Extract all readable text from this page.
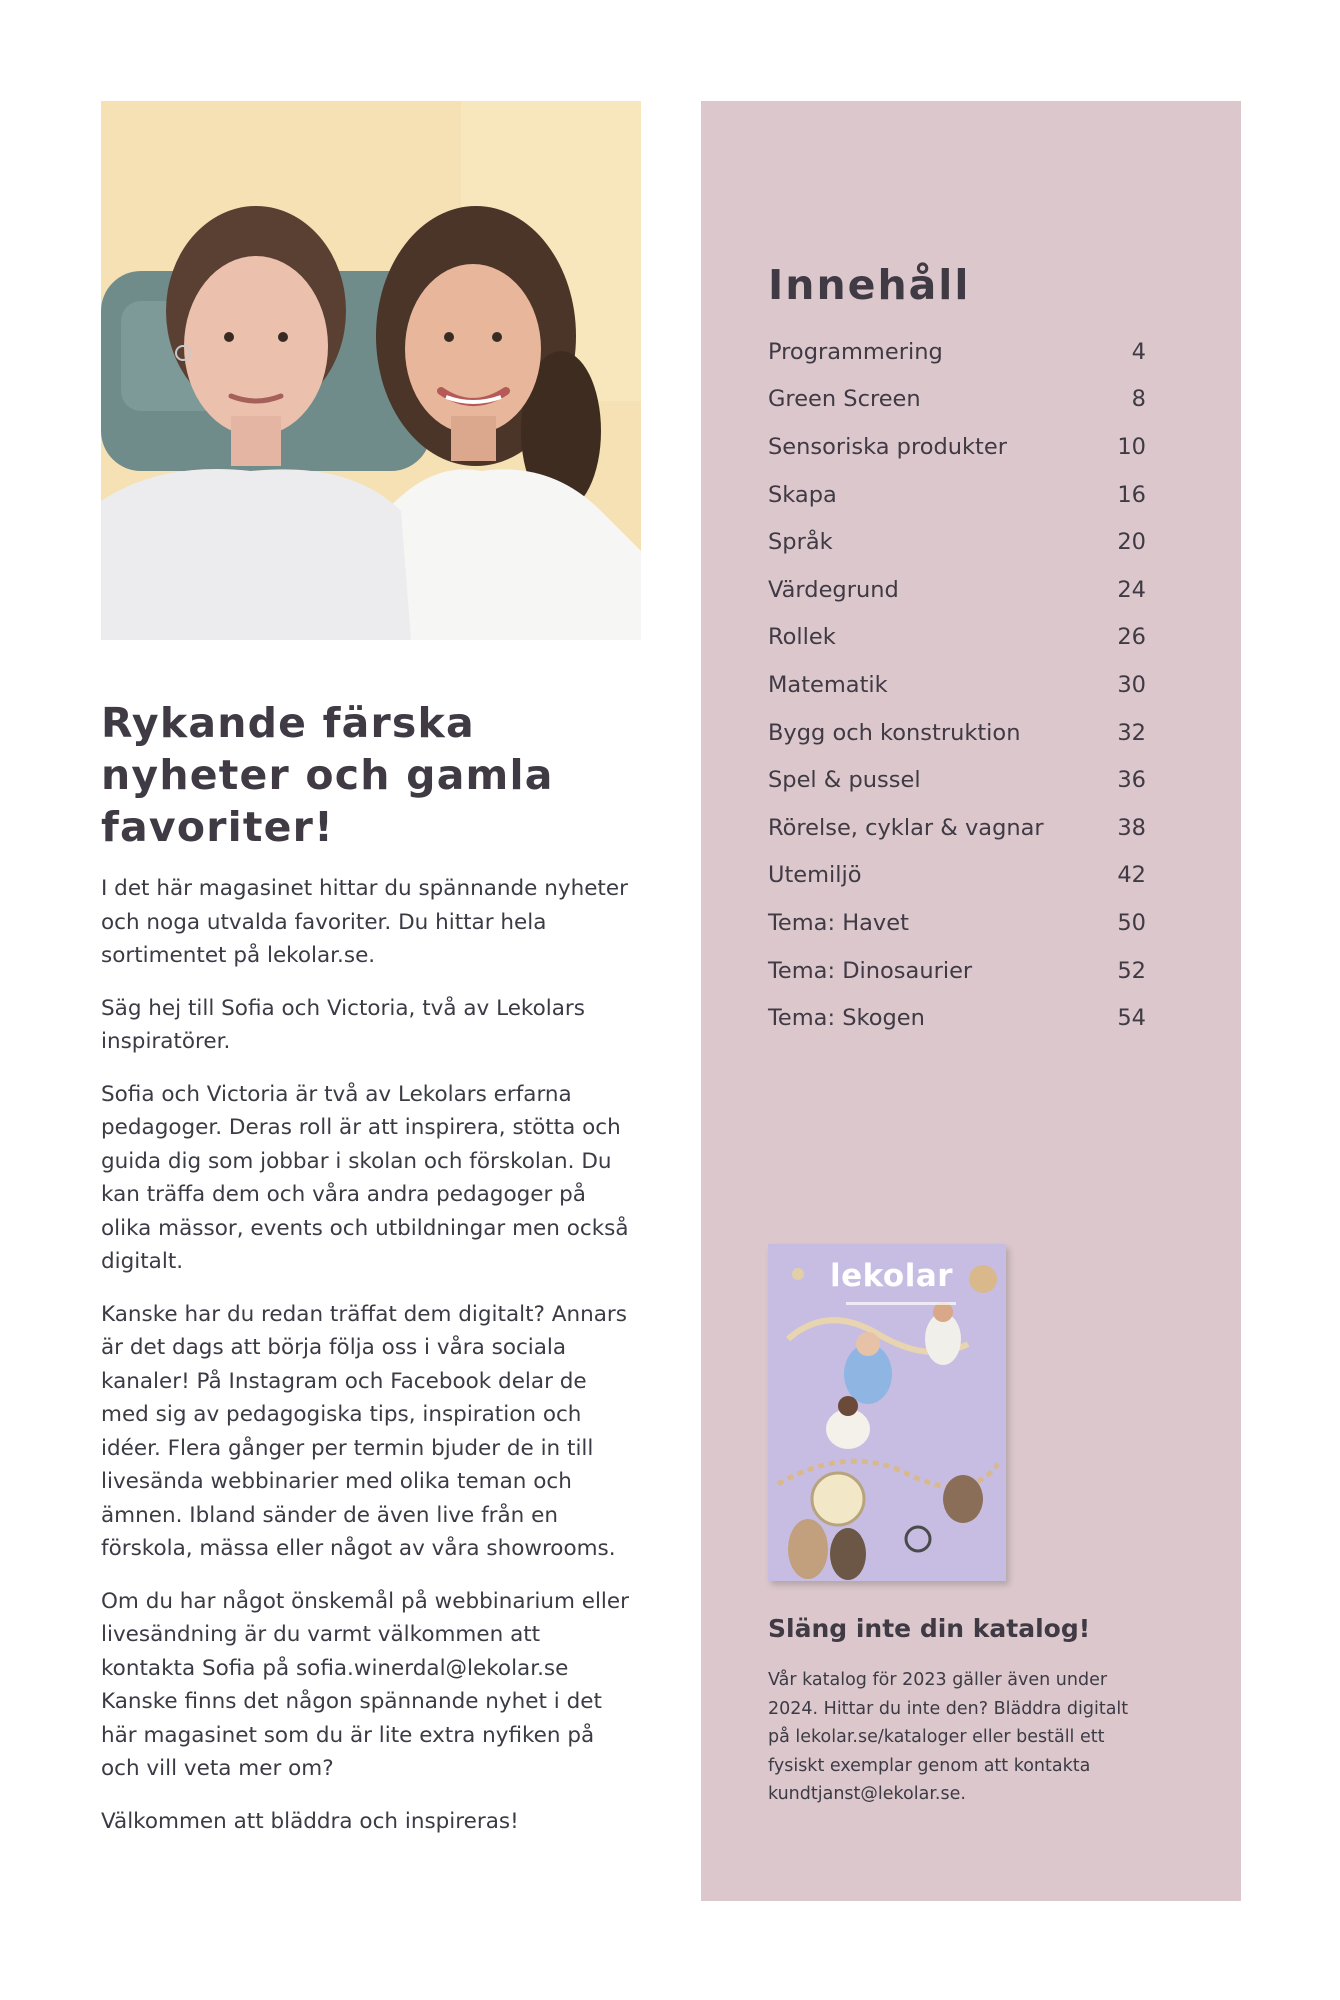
Rykande färska nyheter och gamla favoriter!

I det här magasinet hittar du spännande nyheter och noga utvalda favoriter. Du hittar hela sortimentet på lekolar.se.

Säg hej till Sofia och Victoria, två av Lekolars inspiratörer.

Sofia och Victoria är två av Lekolars erfarna pedagoger. Deras roll är att inspirera, stötta och guida dig som jobbar i skolan och förskolan. Du kan träffa dem och våra andra pedagoger på olika mässor, events och utbildningar men också digitalt.

Kanske har du redan träffat dem digitalt? Annars är det dags att börja följa oss i våra sociala kanaler! På Instagram och Facebook delar de med sig av pedagogiska tips, inspiration och idéer. Flera gånger per termin bjuder de in till livesända webbinarier med olika teman och ämnen. Ibland sänder de även live från en förskola, mässa eller något av våra showrooms.

Om du har något önskemål på webbinarium eller livesändning är du varmt välkommen att kontakta Sofia på sofia.winerdal@lekolar.se Kanske finns det någon spännande nyhet i det här magasinet som du är lite extra nyfiken på och vill veta mer om?

Välkommen att bläddra och inspireras!

Innehåll
Programmering	4
Green Screen	8
Sensoriska produkter	10
Skapa	16
Språk	20
Värdegrund	24
Rollek	26
Matematik	30
Bygg och konstruktion	32
Spel & pussel	36
Rörelse, cyklar & vagnar	38
Utemiljö	42
Tema: Havet	50
Tema: Dinosaurier	52
Tema: Skogen	54
lekolar
Släng inte din katalog!

Vår katalog för 2023 gäller även under 2024. Hittar du inte den? Bläddra digitalt på lekolar.se/kataloger eller beställ ett fysiskt exemplar genom att kontakta kundtjanst@lekolar.se.
